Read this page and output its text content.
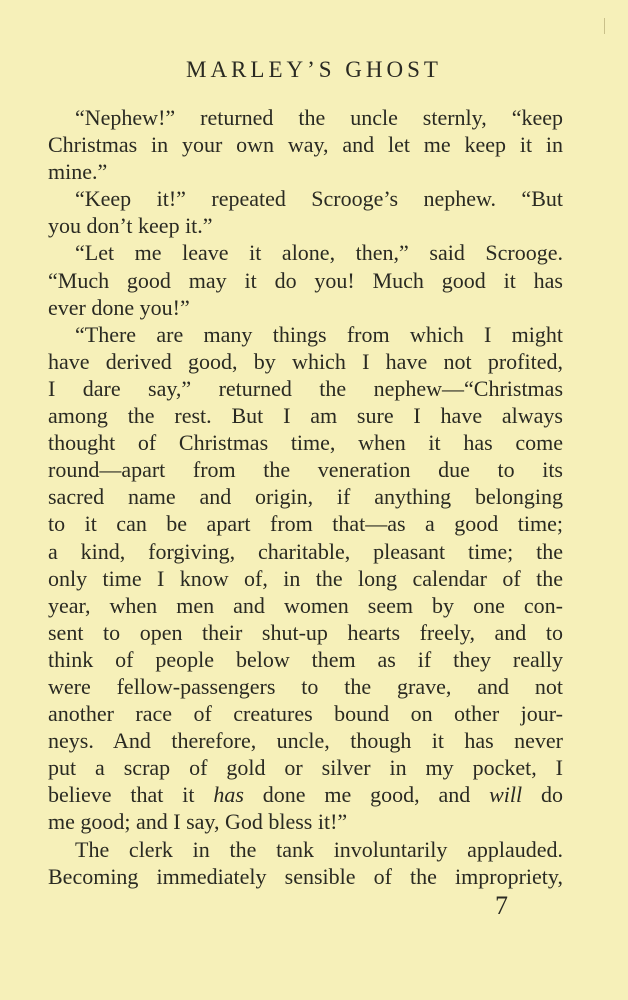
MARLEY’S GHOST
“Nephew!” returned the uncle sternly, “keep
Christmas in your own way, and let me keep it in
mine.”
“Keep it!” repeated Scrooge’s nephew. “But
you don’t keep it.”
“Let me leave it alone, then,” said Scrooge.
“Much good may it do you! Much good it has
ever done you!”
“There are many things from which I might
have derived good, by which I have not profited,
I dare say,” returned the nephew—“Christmas
among the rest. But I am sure I have always
thought of Christmas time, when it has come
round—apart from the veneration due to its
sacred name and origin, if anything belonging
to it can be apart from that—as a good time;
a kind, forgiving, charitable, pleasant time; the
only time I know of, in the long calendar of the
year, when men and women seem by one con-
sent to open their shut-up hearts freely, and to
think of people below them as if they really
were fellow-passengers to the grave, and not
another race of creatures bound on other jour-
neys. And therefore, uncle, though it has never
put a scrap of gold or silver in my pocket, I
believe that it has done me good, and will do
me good; and I say, God bless it!”
The clerk in the tank involuntarily applauded.
Becoming immediately sensible of the impropriety,
7
